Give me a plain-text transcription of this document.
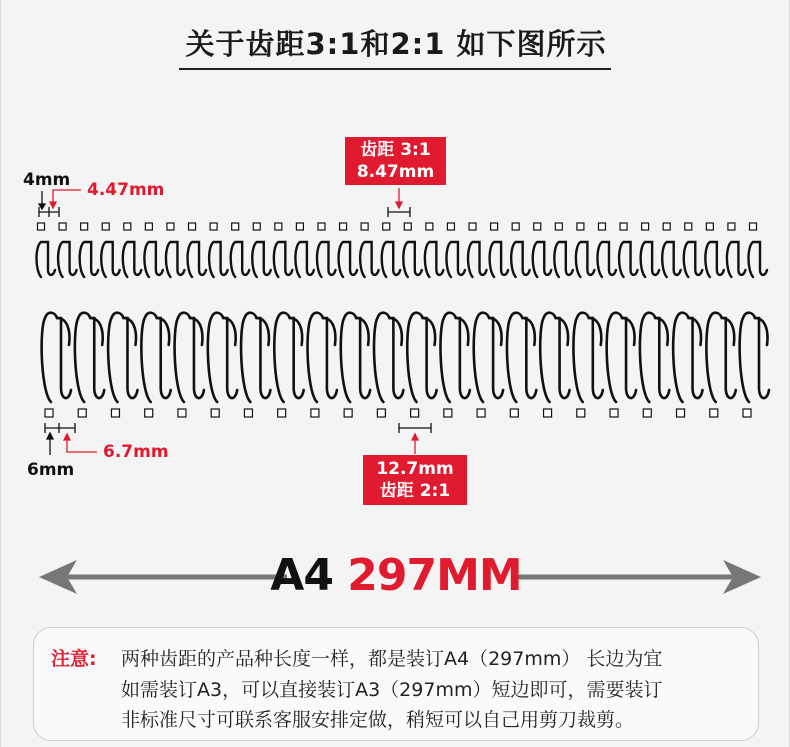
关于齿距3:1和2:1 如下图所示
4mm 4.47mm
齿距 3:1
8.47mm
6mm
6.7mm
12.7mm
齿距 2:1
A4 297MM
注意: 两种齿距的产品种长度一样，都是装订A4（297mm） 长边为宜
如需装订A3，可以直接装订A3（297mm）短边即可，需要装订
非标准尺寸可联系客服安排定做，稍短可以自己用剪刀裁剪。
